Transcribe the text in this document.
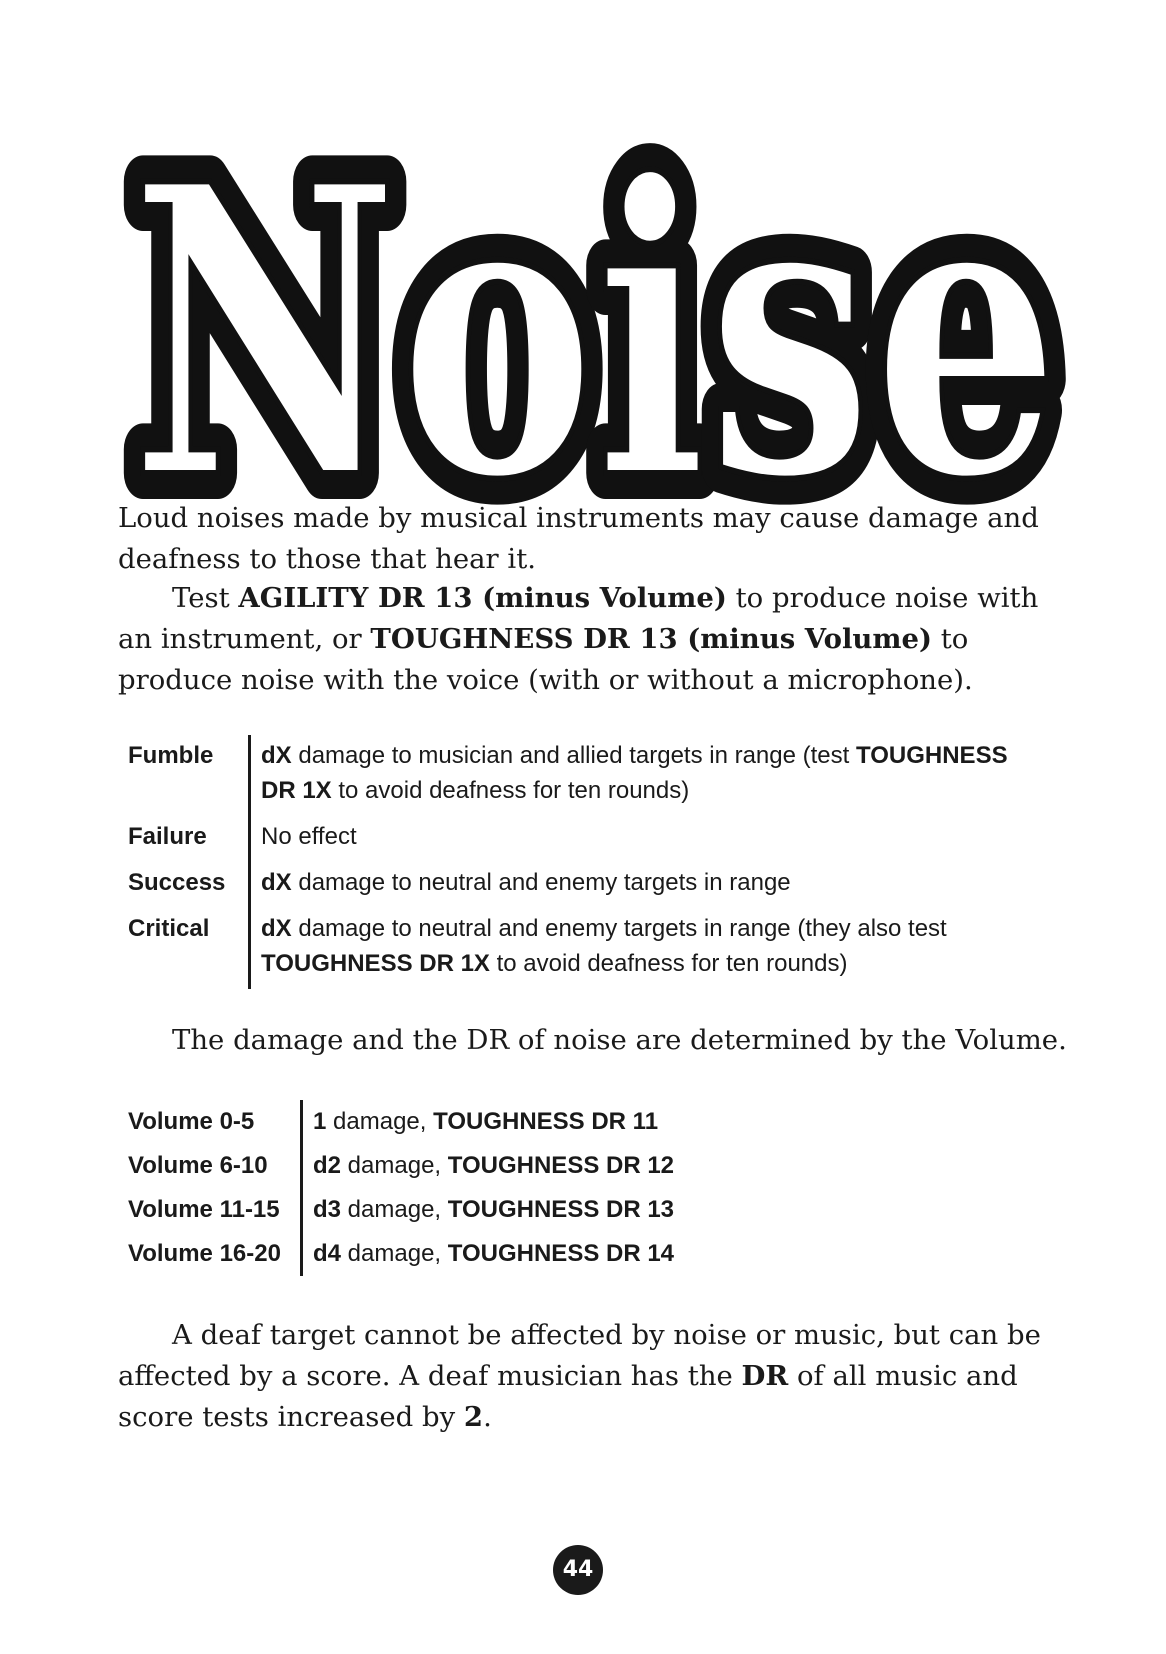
Noise
Noise

Loud noises made by musical instruments may cause damage and deafness to those that hear it.

Test AGILITY DR 13 (minus Volume) to produce noise with an instrument, or TOUGHNESS DR 13 (minus Volume) to produce noise with the voice (with or without a microphone).

Fumble	dX damage to musician and allied targets in range (test TOUGHNESS DR 1X to avoid deafness for ten rounds)
Failure	No effect
Success	dX damage to neutral and enemy targets in range
Critical	dX damage to neutral and enemy targets in range (they also test TOUGHNESS DR 1X to avoid deafness for ten rounds)

The damage and the DR of noise are determined by the Volume.

Volume 0-5	1 damage, TOUGHNESS DR 11
Volume 6-10	d2 damage, TOUGHNESS DR 12
Volume 11-15	d3 damage, TOUGHNESS DR 13
Volume 16-20	d4 damage, TOUGHNESS DR 14

A deaf target cannot be affected by noise or music, but can be affected by a score. A deaf musician has the DR of all music and score tests increased by 2.

44
